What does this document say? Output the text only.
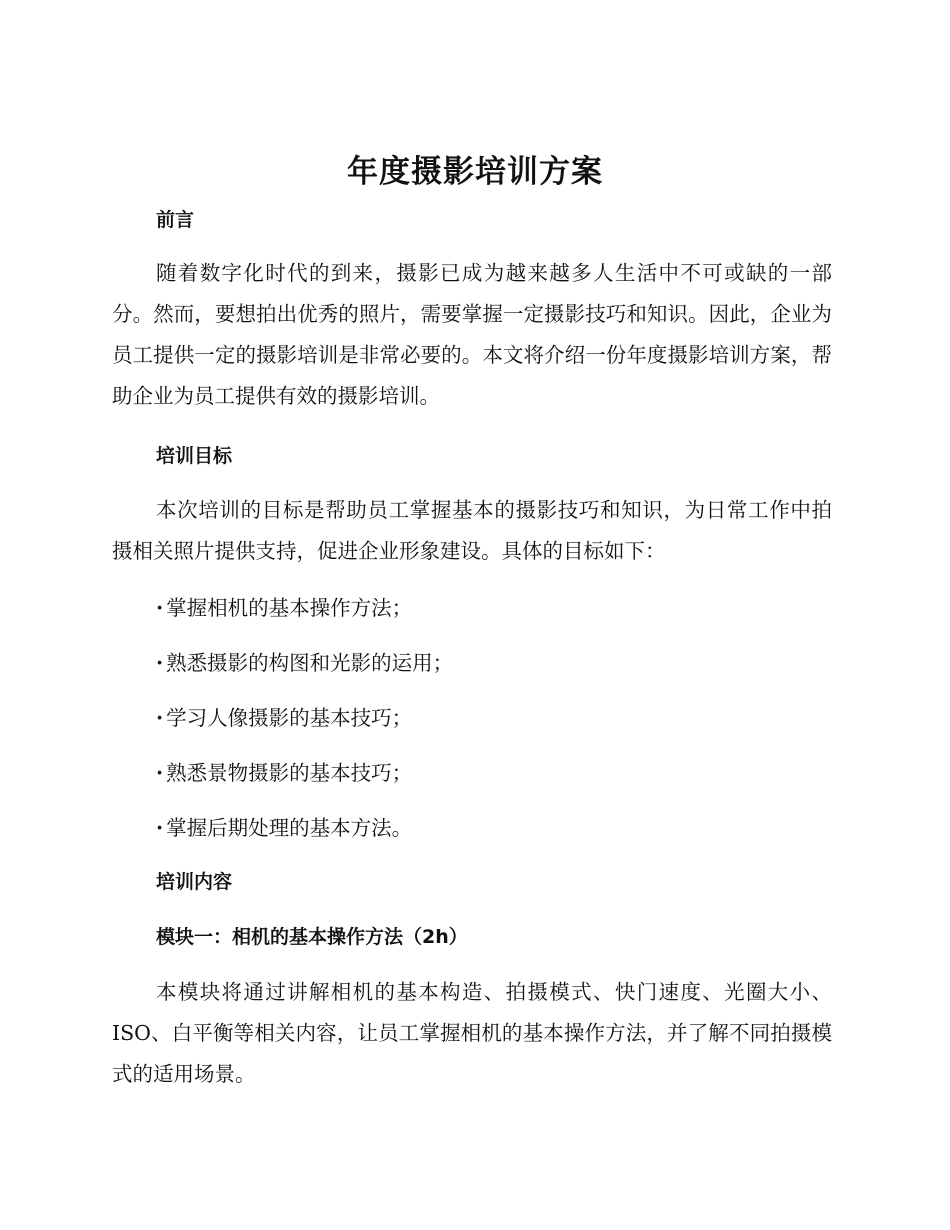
年度摄影培训方案
前言

随着数字化时代的到来，摄影已成为越来越多人生活中不可或缺的一部分。然而，要想拍出优秀的照片，需要掌握一定摄影技巧和知识。因此，企业为员工提供一定的摄影培训是非常必要的。本文将介绍一份年度摄影培训方案，帮助企业为员工提供有效的摄影培训。

培训目标

本次培训的目标是帮助员工掌握基本的摄影技巧和知识，为日常工作中拍摄相关照片提供支持，促进企业形象建设。具体的目标如下：

· 掌握相机的基本操作方法；

· 熟悉摄影的构图和光影的运用；

· 学习人像摄影的基本技巧；

· 熟悉景物摄影的基本技巧；

· 掌握后期处理的基本方法。

培训内容
模块一：相机的基本操作方法（2h）

本模块将通过讲解相机的基本构造、拍摄模式、快门速度、光圈大小、ISO、白平衡等相关内容，让员工掌握相机的基本操作方法，并了解不同拍摄模式的适用场景。
